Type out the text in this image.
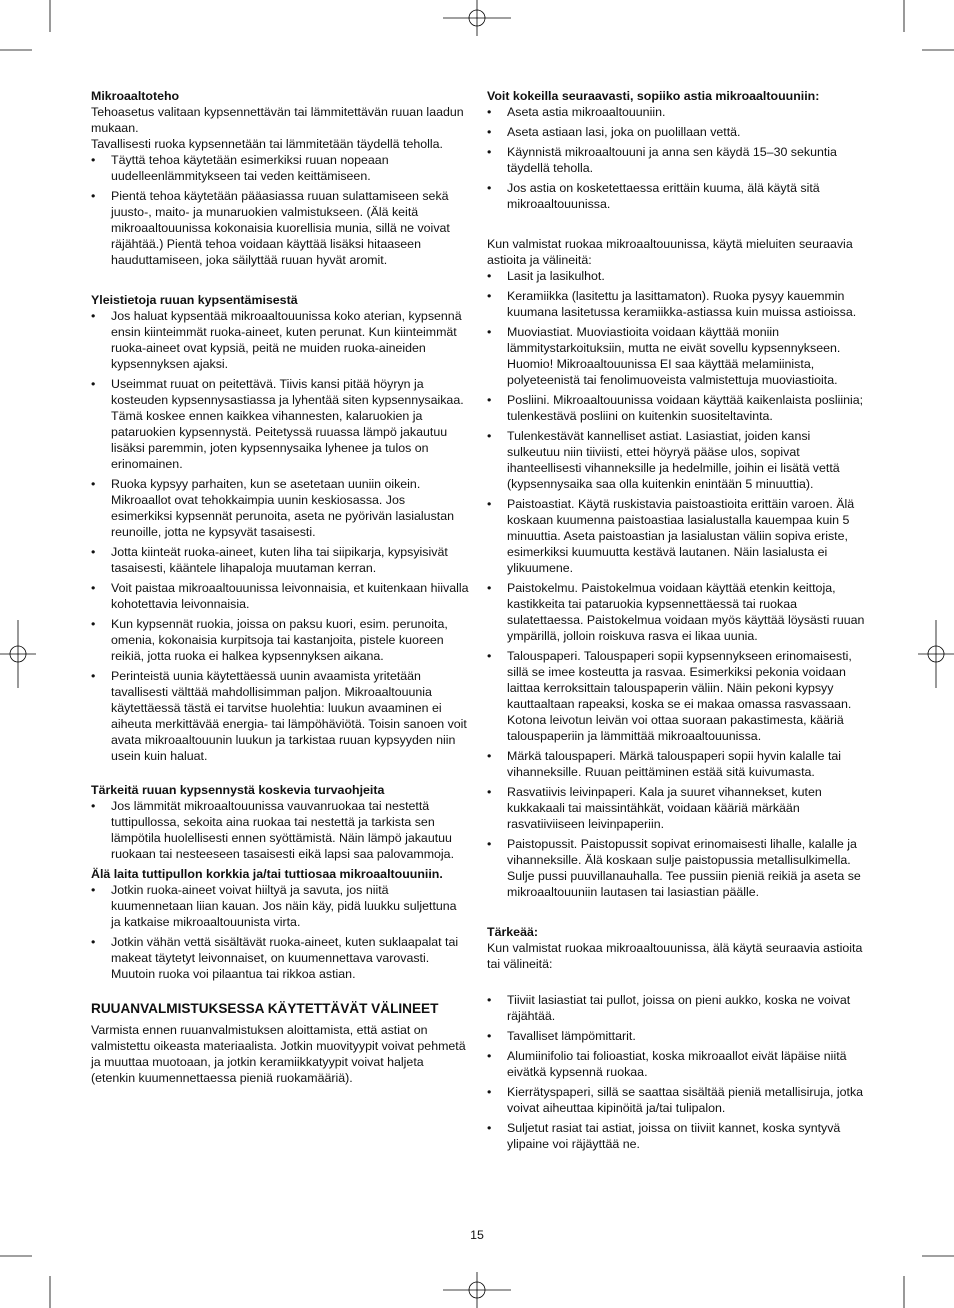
Mikroaaltoteho

Tehoasetus valitaan kypsennettävän tai lämmitettävän ruuan laadun mukaan.

Tavallisesti ruoka kypsennetään tai lämmitetään täydellä teholla.

• Täyttä tehoa käytetään esimerkiksi ruuan nopeaan uudelleenlämmitykseen tai veden keittämiseen.
• Pientä tehoa käytetään pääasiassa ruuan sulattamiseen sekä juusto-, maito- ja munaruokien valmistukseen. (Älä keitä mikroaaltouunissa kokonaisia kuorellisia munia, sillä ne voivat räjähtää.) Pientä tehoa voidaan käyttää lisäksi hitaaseen hauduttamiseen, joka säilyttää ruuan hyvät aromit.
Yleistietoja ruuan kypsentämisestä
• Jos haluat kypsentää mikroaaltouunissa koko aterian, kypsennä ensin kiinteimmät ruoka-aineet, kuten perunat. Kun kiinteimmät ruoka-aineet ovat kypsiä, peitä ne muiden ruoka-aineiden kypsennyksen ajaksi.
• Useimmat ruuat on peitettävä. Tiivis kansi pitää höyryn ja kosteuden kypsennysastiassa ja lyhentää siten kypsennysaikaa. Tämä koskee ennen kaikkea vihannesten, kalaruokien ja pataruokien kypsennystä. Peitetyssä ruuassa lämpö jakautuu lisäksi paremmin, joten kypsennysaika lyhenee ja tulos on erinomainen.
• Ruoka kypsyy parhaiten, kun se asetetaan uuniin oikein. Mikroaallot ovat tehokkaimpia uunin keskiosassa. Jos esimerkiksi kypsennät perunoita, aseta ne pyörivän lasialustan reunoille, jotta ne kypsyvät tasaisesti.
• Jotta kiinteät ruoka-aineet, kuten liha tai siipikarja, kypsyisivät tasaisesti, kääntele lihapaloja muutaman kerran.
• Voit paistaa mikroaaltouunissa leivonnaisia, et kuitenkaan hiivalla kohotettavia leivonnaisia.
• Kun kypsennät ruokia, joissa on paksu kuori, esim. perunoita, omenia, kokonaisia kurpitsoja tai kastanjoita, pistele kuoreen reikiä, jotta ruoka ei halkea kypsennyksen aikana.
• Perinteistä uunia käytettäessä uunin avaamista yritetään tavallisesti välttää mahdollisimman paljon. Mikroaaltouunia käytettäessä tästä ei tarvitse huolehtia: luukun avaaminen ei aiheuta merkittävää energia- tai lämpöhäviötä. Toisin sanoen voit avata mikroaaltouunin luukun ja tarkistaa ruuan kypsyyden niin usein kuin haluat.
Tärkeitä ruuan kypsennystä koskevia turvaohjeita
• Jos lämmität mikroaaltouunissa vauvanruokaa tai nestettä tuttipullossa, sekoita aina ruokaa tai nestettä ja tarkista sen lämpötila huolellisesti ennen syöttämistä. Näin lämpö jakautuu ruokaan tai nesteeseen tasaisesti eikä lapsi saa palovammoja.
Älä laita tuttipullon korkkia ja/tai tuttiosaa mikroaaltouuniin.
• Jotkin ruoka-aineet voivat hiiltyä ja savuta, jos niitä kuumennetaan liian kauan. Jos näin käy, pidä luukku suljettuna ja katkaise mikroaaltouunista virta.
• Jotkin vähän vettä sisältävät ruoka-aineet, kuten suklaapalat tai makeat täytetyt leivonnaiset, on kuumennettava varovasti. Muutoin ruoka voi pilaantua tai rikkoa astian.
RUUANVALMISTUKSESSA KÄYTETTÄVÄT VÄLINEET

Varmista ennen ruuanvalmistuksen aloittamista, että astiat on valmistettu oikeasta materiaalista. Jotkin muovityypit voivat pehmetä ja muuttaa muotoaan, ja jotkin keramiikkatyypit voivat haljeta (etenkin kuumennettaessa pieniä ruokamääriä).

Voit kokeilla seuraavasti, sopiiko astia mikroaaltouuniin:
• Aseta astia mikroaaltouuniin.
• Aseta astiaan lasi, joka on puolillaan vettä.
• Käynnistä mikroaaltouuni ja anna sen käydä 15–30 sekuntia täydellä teholla.
• Jos astia on kosketettaessa erittäin kuuma, älä käytä sitä mikroaaltouunissa.

Kun valmistat ruokaa mikroaaltouunissa, käytä mieluiten seuraavia astioita ja välineitä:

• Lasit ja lasikulhot.
• Keramiikka (lasitettu ja lasittamaton). Ruoka pysyy kauemmin kuumana lasitetussa keramiikka-astiassa kuin muissa astioissa.
• Muoviastiat. Muoviastioita voidaan käyttää moniin lämmitystarkoituksiin, mutta ne eivät sovellu kypsennykseen. Huomio! Mikroaaltouunissa EI saa käyttää melamiinista, polyeteenistä tai fenolimuoveista valmistettuja muoviastioita.
• Posliini. Mikroaaltouunissa voidaan käyttää kaikenlaista posliinia; tulenkestävä posliini on kuitenkin suositeltavinta.
• Tulenkestävät kannelliset astiat. Lasiastiat, joiden kansi sulkeutuu niin tiiviisti, ettei höyryä pääse ulos, sopivat ihanteellisesti vihanneksille ja hedelmille, joihin ei lisätä vettä (kypsennysaika saa olla kuitenkin enintään 5 minuuttia).
• Paistoastiat. Käytä ruskistavia paistoastioita erittäin varoen. Älä koskaan kuumenna paistoastiaa lasialustalla kauempaa kuin 5 minuuttia. Aseta paistoastian ja lasialustan väliin sopiva eriste, esimerkiksi kuumuutta kestävä lautanen. Näin lasialusta ei ylikuumene.
• Paistokelmu. Paistokelmua voidaan käyttää etenkin keittoja, kastikkeita tai pataruokia kypsennettäessä tai ruokaa sulatettaessa. Paistokelmua voidaan myös käyttää löysästi ruuan ympärillä, jolloin roiskuva rasva ei likaa uunia.
• Talouspaperi. Talouspaperi sopii kypsennykseen erinomaisesti, sillä se imee kosteutta ja rasvaa. Esimerkiksi pekonia voidaan laittaa kerroksittain talouspaperin väliin. Näin pekoni kypsyy kauttaaltaan rapeaksi, koska se ei makaa omassa rasvassaan. Kotona leivotun leivän voi ottaa suoraan pakastimesta, kääriä talouspaperiin ja lämmittää mikroaaltouunissa.
• Märkä talouspaperi. Märkä talouspaperi sopii hyvin kalalle tai vihanneksille. Ruuan peittäminen estää sitä kuivumasta.
• Rasvatiivis leivinpaperi. Kala ja suuret vihannekset, kuten kukkakaali tai maissintähkät, voidaan kääriä märkään rasvatiiviiseen leivinpaperiin.
• Paistopussit. Paistopussit sopivat erinomaisesti lihalle, kalalle ja vihanneksille. Älä koskaan sulje paistopussia metallisulkimella. Sulje pussi puuvillanauhalla. Tee pussiin pieniä reikiä ja aseta se mikroaaltouuniin lautasen tai lasiastian päälle.
Tärkeää:

Kun valmistat ruokaa mikroaaltouunissa, älä käytä seuraavia astioita tai välineitä:

• Tiiviit lasiastiat tai pullot, joissa on pieni aukko, koska ne voivat räjähtää.
• Tavalliset lämpömittarit.
• Alumiinifolio tai folioastiat, koska mikroaallot eivät läpäise niitä eivätkä kypsennä ruokaa.
• Kierrätyspaperi, sillä se saattaa sisältää pieniä metallisiruja, jotka voivat aiheuttaa kipinöitä ja/tai tulipalon.
• Suljetut rasiat tai astiat, joissa on tiiviit kannet, koska syntyvä ylipaine voi räjäyttää ne.
15
